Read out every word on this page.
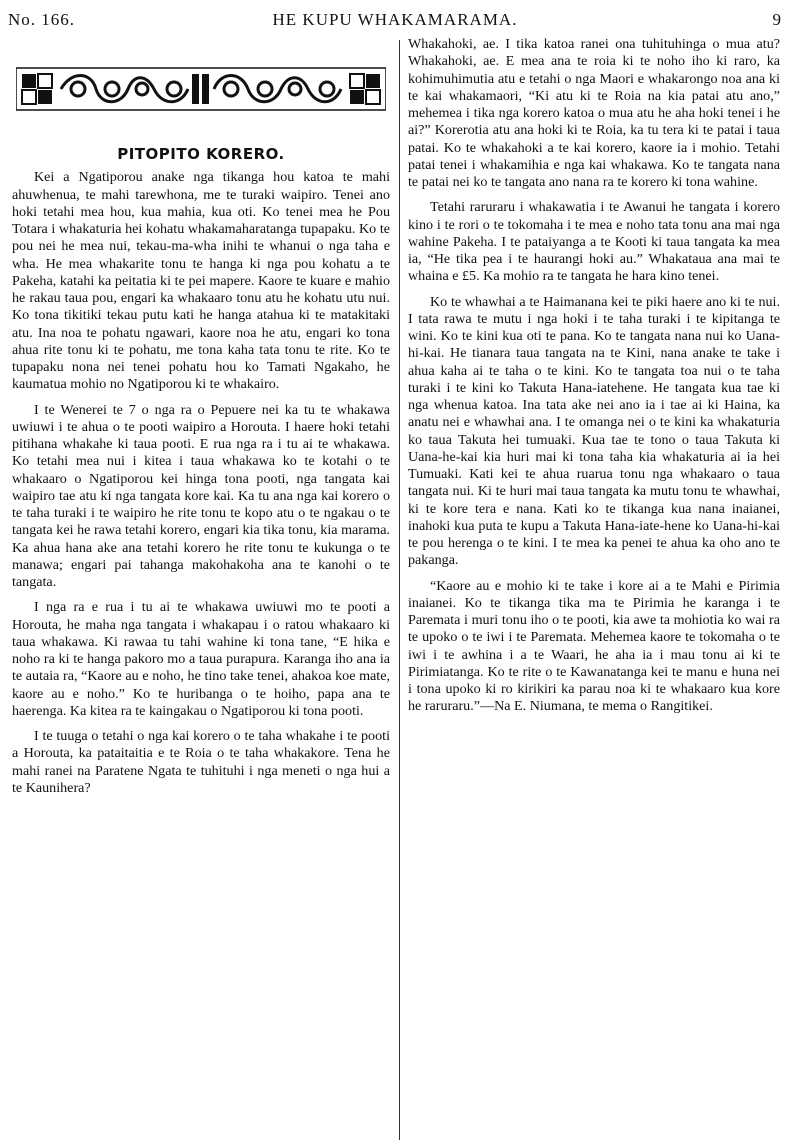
No. 166.	HE KUPU WHAKAMARAMA.	9
PITOPITO KORERO.

Kei a Ngatiporou anake nga tikanga hou katoa te mahi ahuwhenua, te mahi tarewhona, me te turaki waipiro. Tenei ano hoki tetahi mea hou, kua mahia, kua oti. Ko tenei mea he Pou Totara i whakaturia hei kohatu whakamaharatanga tupapaku. Ko te pou nei he mea nui, tekau-ma-wha inihi te whanui o nga taha e wha. He mea whakarite tonu te hanga ki nga pou kohatu a te Pakeha, katahi ka peitatia ki te pei mapere. Kaore te kuare e mahio he rakau taua pou, engari ka whakaaro tonu atu he kohatu utu nui. Ko tona tikitiki tekau putu kati he hanga atahua ki te matakitaki atu. Ina noa te pohatu ngawari, kaore noa he atu, engari ko tona ahua rite tonu ki te pohatu, me tona kaha tata tonu te rite. Ko te tupapaku nona nei tenei pohatu hou ko Tamati Ngakaho, he kaumatua mohio no Ngatiporou ki te whakairo.

I te Wenerei te 7 o nga ra o Pepuere nei ka tu te whakawa uwiuwi i te ahua o te pooti waipiro a Horouta. I haere hoki tetahi pitihana whakahe ki taua pooti. E rua nga ra i tu ai te whakawa. Ko tetahi mea nui i kitea i taua whakawa ko te kotahi o te whakaaro o Ngatiporou kei hinga tona pooti, nga tangata kai waipiro tae atu ki nga tangata kore kai. Ka tu ana nga kai korero o te taha turaki i te waipiro he rite tonu te kopo atu o te ngakau o te tangata kei he rawa tetahi korero, engari kia tika tonu, kia marama. Ka ahua hana ake ana tetahi korero he rite tonu te kukunga o te manawa; engari pai tahanga makohakoha ana te kanohi o te tangata.

I nga ra e rua i tu ai te whakawa uwiuwi mo te pooti a Horouta, he maha nga tangata i whakapau i o ratou whakaaro ki taua whakawa. Ki rawaa tu tahi wahine ki tona tane, “E hika e noho ra ki te hanga pakoro mo a taua purapura. Karanga iho ana ia te autaia ra, “Kaore au e noho, he tino take tenei, ahakoa koe mate, kaore au e noho.” Ko te huribanga o te hoiho, papa ana te haerenga. Ka kitea ra te kaingakau o Ngatiporou ki tona pooti.

I te tuuga o tetahi o nga kai korero o te taha whakahe i te pooti a Horouta, ka pataitaitia e te Roia o te taha whakakore. Tena he mahi ranei na Paratene Ngata te tuhituhi i nga meneti o nga hui a te Kaunihera?

Whakahoki, ae. I tika katoa ranei ona tuhituhinga o mua atu? Whakahoki, ae. E mea ana te roia ki te noho iho ki raro, ka kohimuhimutia atu e tetahi o nga Maori e whakarongo noa ana ki te kai whakamaori, “Ki atu ki te Roia na kia patai atu ano,” mehemea i tika nga korero katoa o mua atu he aha hoki tenei i he ai?” Korerotia atu ana hoki ki te Roia, ka tu tera ki te patai i taua patai. Ko te whakahoki a te kai korero, kaore ia i mohio. Tetahi patai tenei i whakamihia e nga kai whakawa. Ko te tangata nana te patai nei ko te tangata ano nana ra te korero ki tona wahine.

Tetahi raruraru i whakawatia i te Awanui he tangata i korero kino i te rori o te tokomaha i te mea e noho tata tonu ana mai nga wahine Pakeha. I te pataiyanga a te Kooti ki taua tangata ka mea ia, “He tika pea i te haurangi hoki au.” Whakataua ana mai te whaina e £5. Ka mohio ra te tangata he hara kino tenei.

Ko te whawhai a te Haimanana kei te piki haere ano ki te nui. I tata rawa te mutu i nga hoki i te taha turaki i te kipitanga te wini. Ko te kini kua oti te pana. Ko te tangata nana nui ko Uana-hi-kai. He tianara taua tangata na te Kini, nana anake te take i ahua kaha ai te taha o te kini. Ko te tangata toa nui o te taha turaki i te kini ko Takuta Hana-iatehene. He tangata kua tae ki nga whenua katoa. Ina tata ake nei ano ia i tae ai ki Haina, ka anatu nei e whawhai ana. I te omanga nei o te kini ka whakaturia ko taua Takuta hei tumuaki. Kua tae te tono o taua Takuta ki Uana-he-kai kia huri mai ki tona taha kia whakaturia ai ia hei Tumuaki. Kati kei te ahua ruarua tonu nga whakaaro o taua tangata nui. Ki te huri mai taua tangata ka mutu tonu te whawhai, ki te kore tera e nana. Kati ko te tikanga kua nana inaianei, inahoki kua puta te kupu a Takuta Hana-iate-hene ko Uana-hi-kai te pou herenga o te kini. I te mea ka penei te ahua ka oho ano te pakanga.

“Kaore au e mohio ki te take i kore ai a te Mahi e Pirimia inaianei. Ko te tikanga tika ma te Pirimia he karanga i te Paremata i muri tonu iho o te pooti, kia awe ta mohiotia ko wai ra te upoko o te iwi i te Paremata. Mehemea kaore te tokomaha o te iwi i te awhina i a te Waari, he aha ia i mau tonu ai ki te Pirimiatanga. Ko te rite o te Kawanatanga kei te manu e huna nei i tona upoko ki ro kirikiri ka parau noa ki te whakaaro kua kore he raruraru.”—Na E. Niumana, te mema o Rangitikei.
